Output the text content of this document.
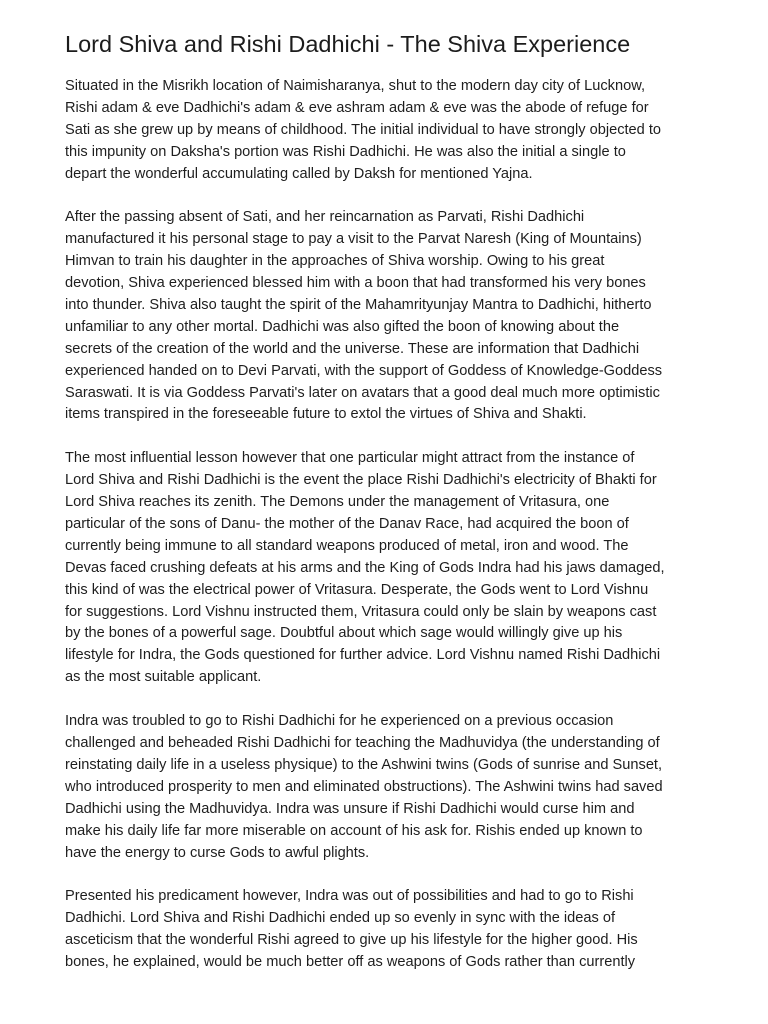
Lord Shiva and Rishi Dadhichi - The Shiva Experience
Situated in the Misrikh location of Naimisharanya, shut to the modern day city of Lucknow,
Rishi adam & eve Dadhichi's adam & eve ashram adam & eve was the abode of refuge for
Sati as she grew up by means of childhood. The initial individual to have strongly objected to
this impunity on Daksha's portion was Rishi Dadhichi. He was also the initial a single to
depart the wonderful accumulating called by Daksh for mentioned Yajna.
After the passing absent of Sati, and her reincarnation as Parvati, Rishi Dadhichi
manufactured it his personal stage to pay a visit to the Parvat Naresh (King of Mountains)
Himvan to train his daughter in the approaches of Shiva worship. Owing to his great
devotion, Shiva experienced blessed him with a boon that had transformed his very bones
into thunder. Shiva also taught the spirit of the Mahamrityunjay Mantra to Dadhichi, hitherto
unfamiliar to any other mortal. Dadhichi was also gifted the boon of knowing about the
secrets of the creation of the world and the universe. These are information that Dadhichi
experienced handed on to Devi Parvati, with the support of Goddess of Knowledge-Goddess
Saraswati. It is via Goddess Parvati's later on avatars that a good deal much more optimistic
items transpired in the foreseeable future to extol the virtues of Shiva and Shakti.
The most influential lesson however that one particular might attract from the instance of
Lord Shiva and Rishi Dadhichi is the event the place Rishi Dadhichi's electricity of Bhakti for
Lord Shiva reaches its zenith. The Demons under the management of Vritasura, one
particular of the sons of Danu- the mother of the Danav Race, had acquired the boon of
currently being immune to all standard weapons produced of metal, iron and wood. The
Devas faced crushing defeats at his arms and the King of Gods Indra had his jaws damaged,
this kind of was the electrical power of Vritasura. Desperate, the Gods went to Lord Vishnu
for suggestions. Lord Vishnu instructed them, Vritasura could only be slain by weapons cast
by the bones of a powerful sage. Doubtful about which sage would willingly give up his
lifestyle for Indra, the Gods questioned for further advice. Lord Vishnu named Rishi Dadhichi
as the most suitable applicant.
Indra was troubled to go to Rishi Dadhichi for he experienced on a previous occasion
challenged and beheaded Rishi Dadhichi for teaching the Madhuvidya (the understanding of
reinstating daily life in a useless physique) to the Ashwini twins (Gods of sunrise and Sunset,
who introduced prosperity to men and eliminated obstructions). The Ashwini twins had saved
Dadhichi using the Madhuvidya. Indra was unsure if Rishi Dadhichi would curse him and
make his daily life far more miserable on account of his ask for. Rishis ended up known to
have the energy to curse Gods to awful plights.
Presented his predicament however, Indra was out of possibilities and had to go to Rishi
Dadhichi. Lord Shiva and Rishi Dadhichi ended up so evenly in sync with the ideas of
asceticism that the wonderful Rishi agreed to give up his lifestyle for the higher good. His
bones, he explained, would be much better off as weapons of Gods rather than currently
